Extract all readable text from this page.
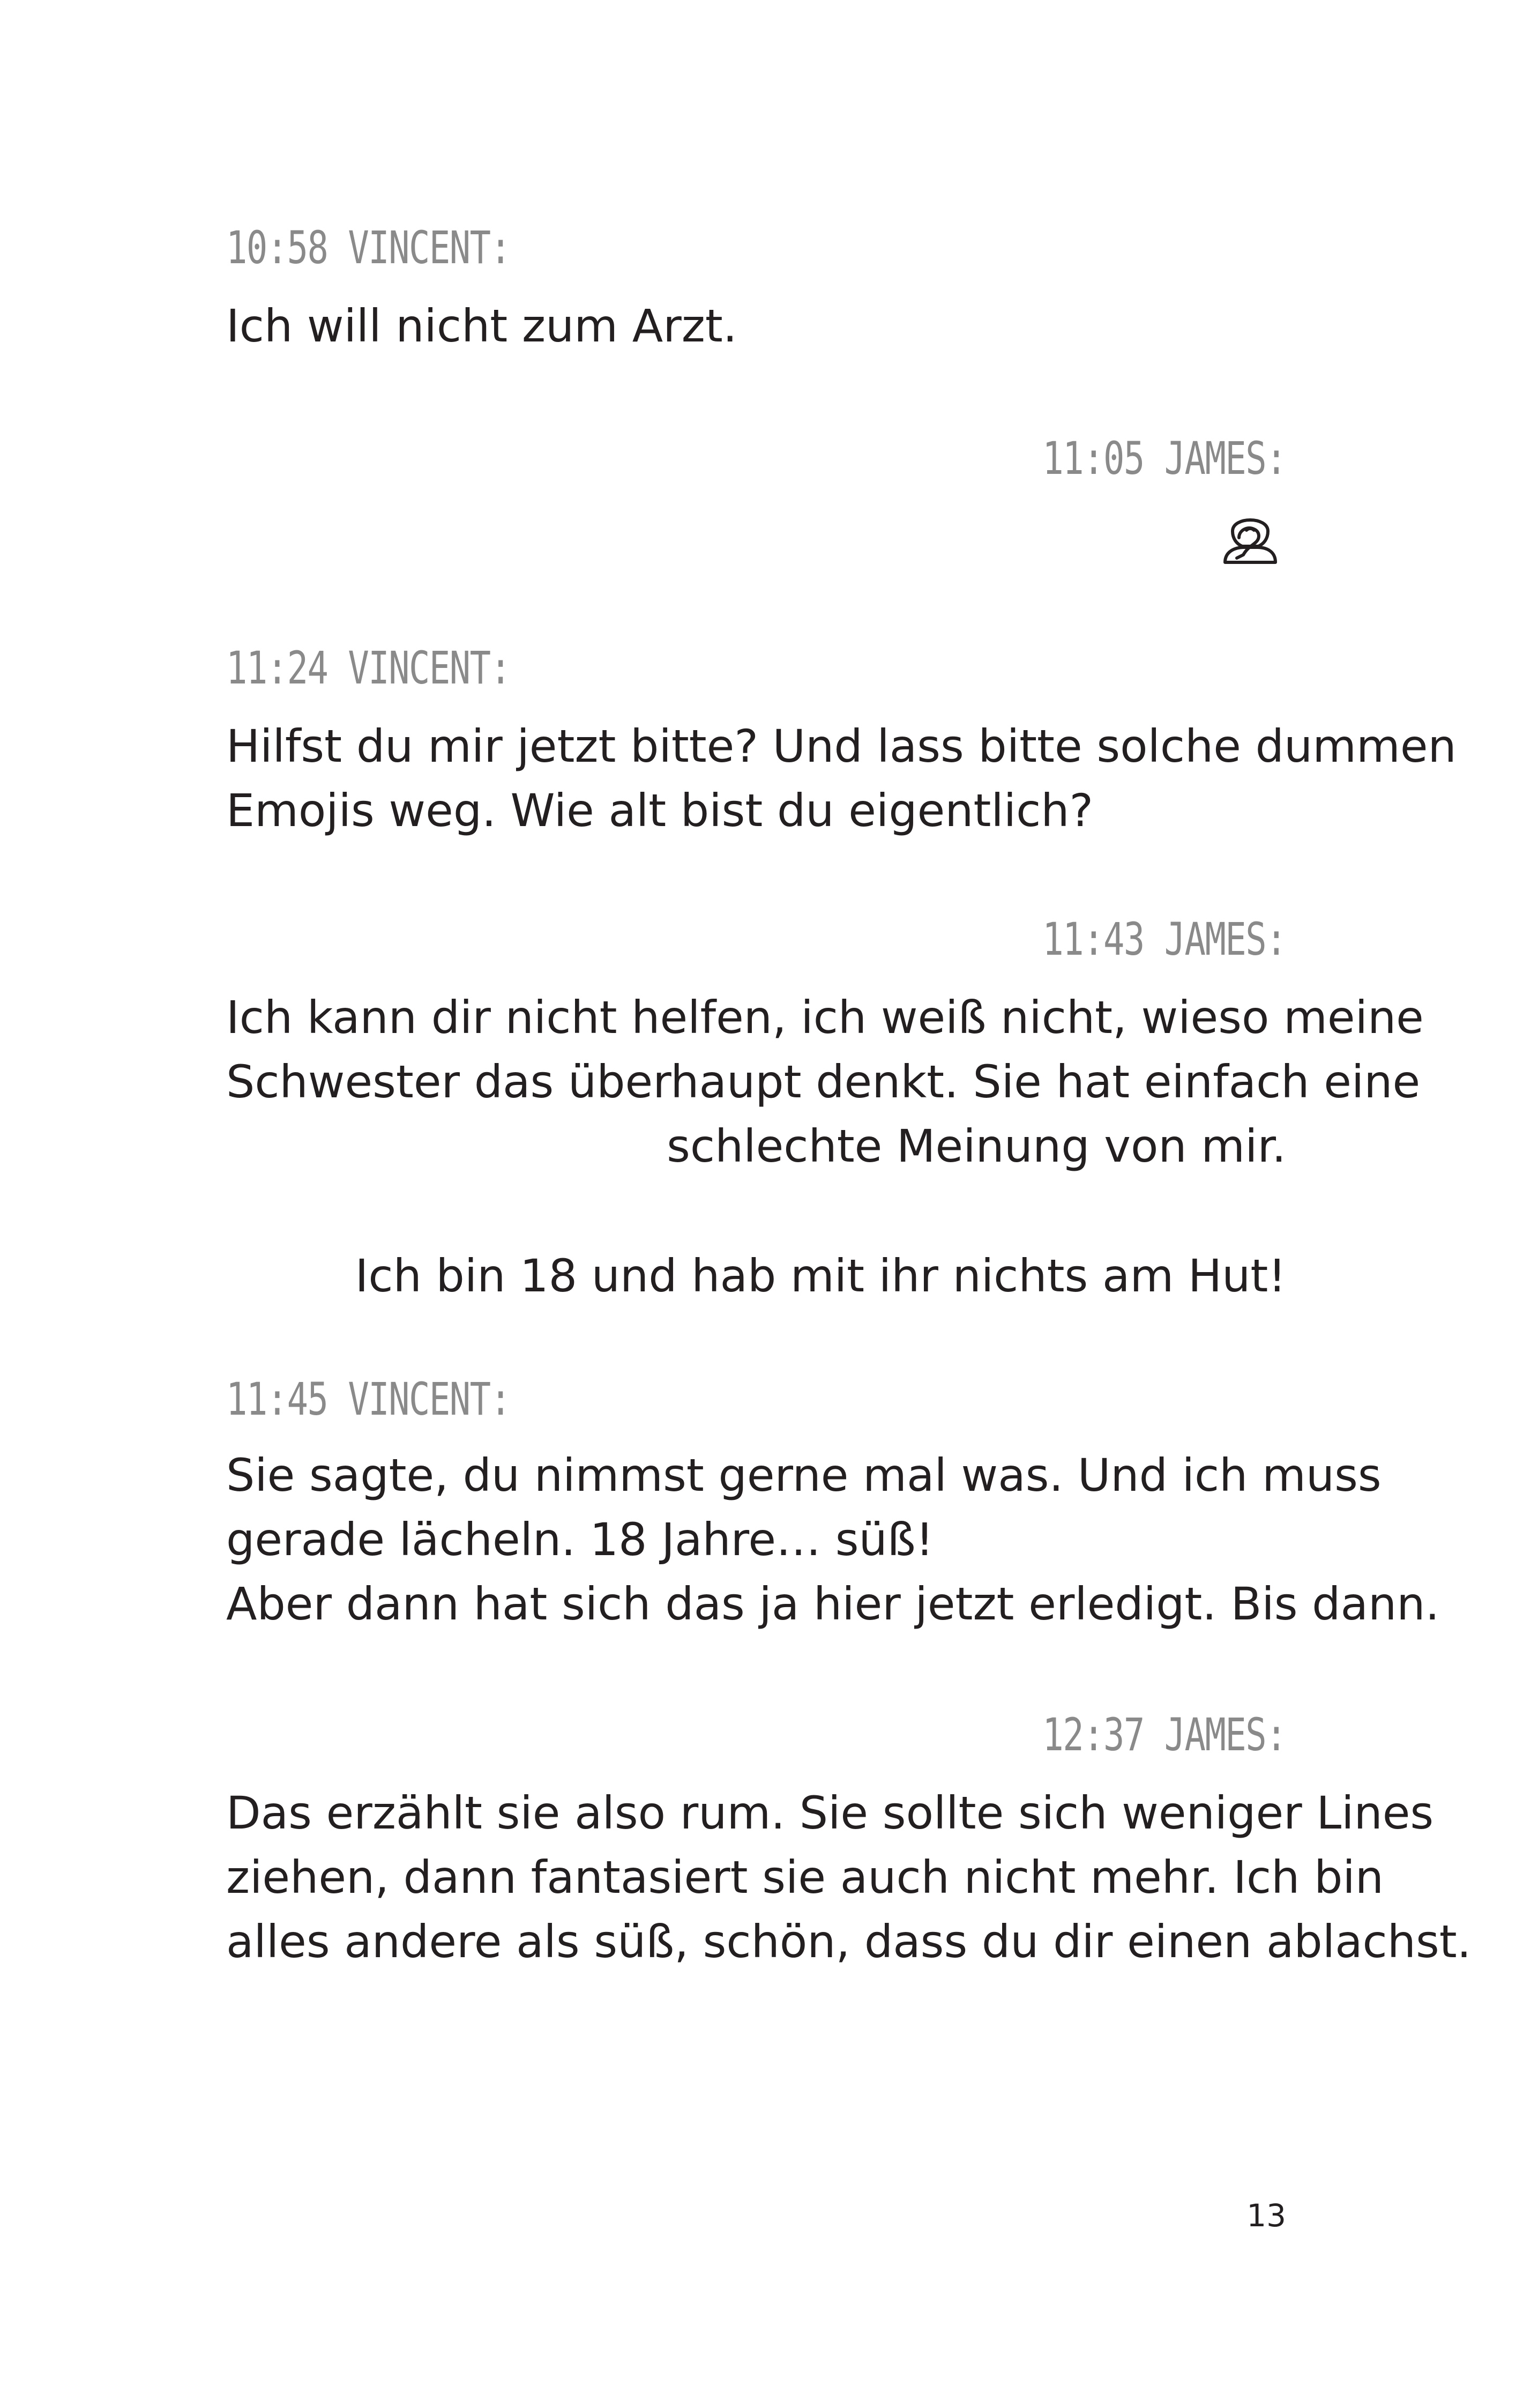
10:58 VINCENT:
Ich will nicht zum Arzt.
11:05 JAMES:
11:24 VINCENT:
Hilfst du mir jetzt bitte? Und lass bitte solche dummen
Emojis weg. Wie alt bist du eigentlich?
11:43 JAMES:
Ich kann dir nicht helfen, ich weiß nicht, wieso meine
Schwester das überhaupt denkt. Sie hat einfach eine
schlechte Meinung von mir.
Ich bin 18 und hab mit ihr nichts am Hut!
11:45 VINCENT:
Sie sagte, du nimmst gerne mal was. Und ich muss
gerade lächeln. 18 Jahre… süß!
Aber dann hat sich das ja hier jetzt erledigt. Bis dann.
12:37 JAMES:
Das erzählt sie also rum. Sie sollte sich weniger Lines
ziehen, dann fantasiert sie auch nicht mehr. Ich bin
alles andere als süß, schön, dass du dir einen ablachst.
13
